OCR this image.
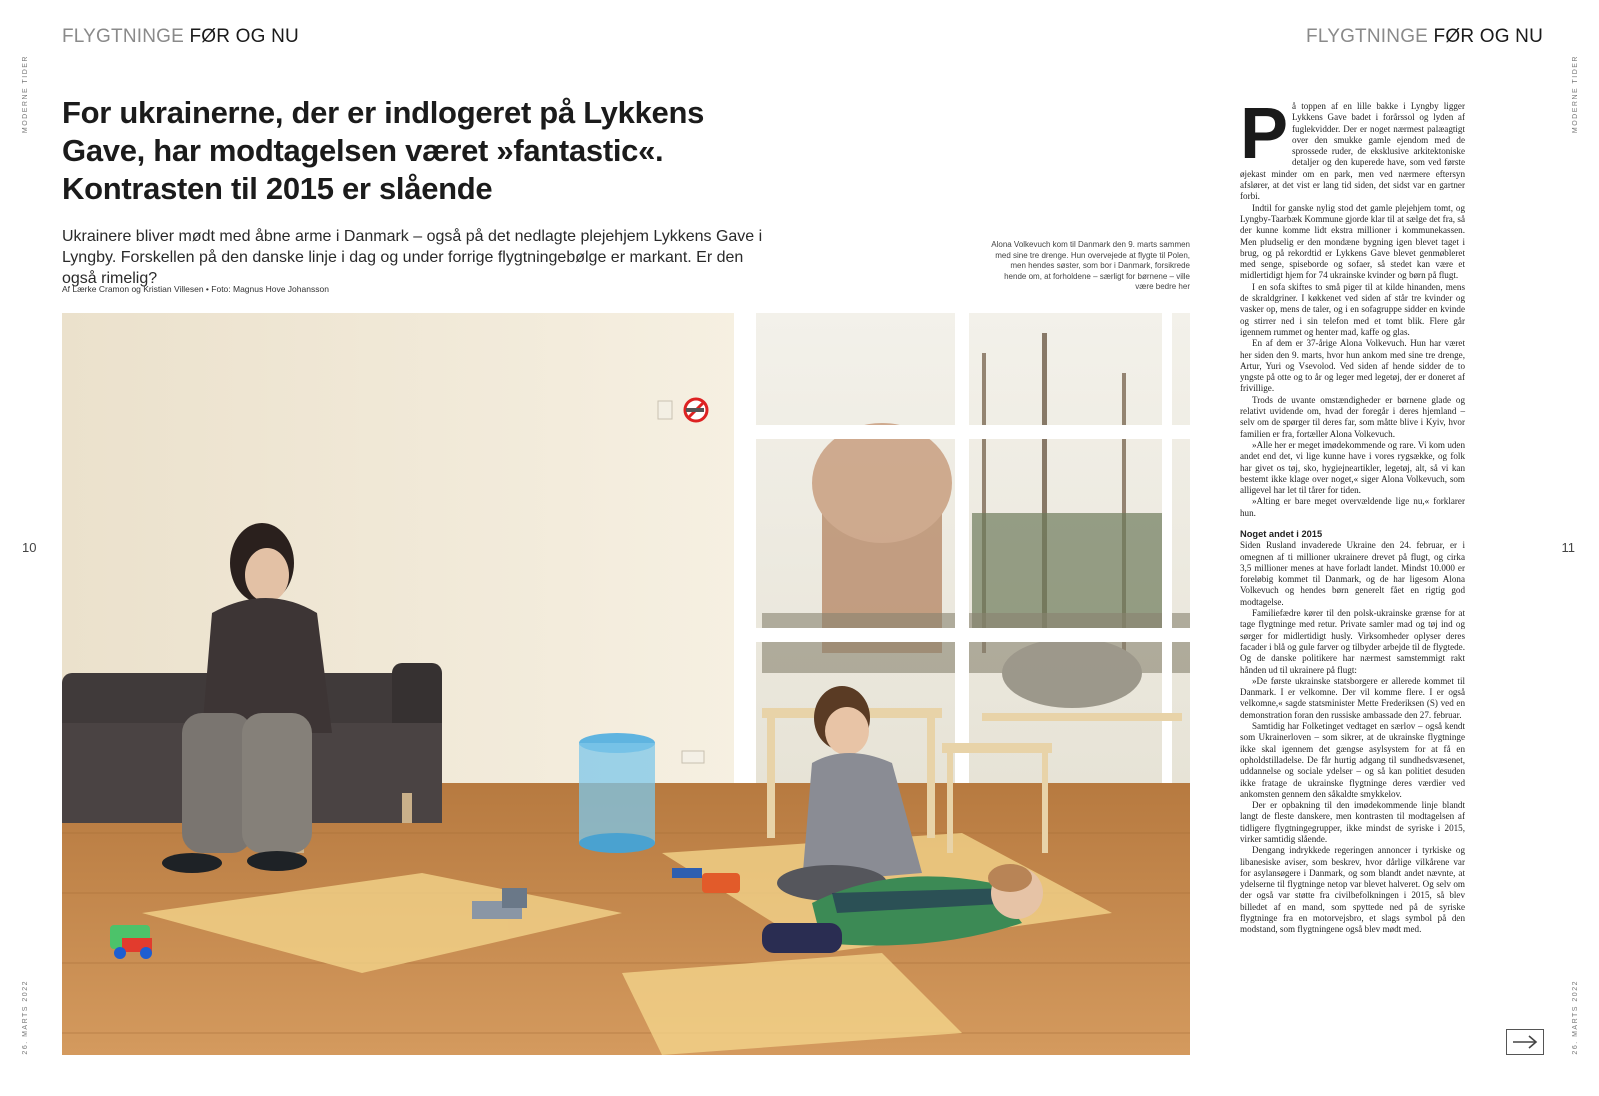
FLYGTNINGE FØR OG NU	FLYGTNINGE FØR OG NU
MODERNE TIDER	MODERNE TIDER
26. MARTS 2022	26. MARTS 2022
10	11
For ukrainerne, der er indlogeret på Lykkens Gave, har modtagelsen været »fantastic«. Kontrasten til 2015 er slående
Ukrainere bliver mødt med åbne arme i Danmark – også på det nedlagte plejehjem Lykkens Gave i Lyngby. Forskellen på den danske linje i dag og under forrige flygtningebølge er markant. Er den også rimelig?
Af Lærke Cramon og Kristian Villesen • Foto: Magnus Hove Johansson
Alona Volkevuch kom til Danmark den 9. marts sammen med sine tre drenge. Hun overvejede at flygte til Polen, men hendes søster, som bor i Danmark, forsikrede hende om, at forholdene – særligt for børnene – ville være bedre her

På toppen af en lille bakke i Lyngby ligger Lykkens Gave badet i forårssol og lyden af fuglekvidder. Der er noget nærmest palæagtigt over den smukke gamle ejendom med de sprossede ruder, de eksklusive arkitektoniske detaljer og den kuperede have, som ved første øjekast minder om en park, men ved nærmere eftersyn afslører, at det vist er lang tid siden, det sidst var en gartner forbi.

Indtil for ganske nylig stod det gamle plejehjem tomt, og Lyngby-Taarbæk Kommune gjorde klar til at sælge det fra, så der kunne komme lidt ekstra millioner i kommunekassen. Men pludselig er den mondæne bygning igen blevet taget i brug, og på rekordtid er Lykkens Gave blevet genmøbleret med senge, spiseborde og sofaer, så stedet kan være et midlertidigt hjem for 74 ukrainske kvinder og børn på flugt.

I en sofa skiftes to små piger til at kilde hinanden, mens de skraldgriner. I køkkenet ved siden af står tre kvinder og vasker op, mens de taler, og i en sofagruppe sidder en kvinde og stirrer ned i sin telefon med et tomt blik. Flere går igennem rummet og henter mad, kaffe og glas.

En af dem er 37-årige Alona Volkevuch. Hun har været her siden den 9. marts, hvor hun ankom med sine tre drenge, Artur, Yuri og Vsevolod. Ved siden af hende sidder de to yngste på otte og to år og leger med legetøj, der er doneret af frivillige.

Trods de uvante omstændigheder er børnene glade og relativt uvidende om, hvad der foregår i deres hjemland – selv om de spørger til deres far, som måtte blive i Kyiv, hvor familien er fra, fortæller Alona Volkevuch.

»Alle her er meget imødekommende og rare. Vi kom uden andet end det, vi lige kunne have i vores rygsække, og folk har givet os tøj, sko, hygiejneartikler, legetøj, alt, så vi kan bestemt ikke klage over noget,« siger Alona Volkevuch, som alligevel har let til tårer for tiden.

»Alting er bare meget overvældende lige nu,« forklarer hun.

Noget andet i 2015

Siden Rusland invaderede Ukraine den 24. februar, er i omegnen af ti millioner ukrainere drevet på flugt, og cirka 3,5 millioner menes at have forladt landet. Mindst 10.000 er foreløbig kommet til Danmark, og de har ligesom Alona Volkevuch og hendes børn generelt fået en rigtig god modtagelse.

Familiefædre kører til den polsk-ukrainske grænse for at tage flygtninge med retur. Private samler mad og tøj ind og sørger for midlertidigt husly. Virksomheder oplyser deres facader i blå og gule farver og tilbyder arbejde til de flygtede. Og de danske politikere har nærmest samstemmigt rakt hånden ud til ukrainere på flugt:

»De første ukrainske statsborgere er allerede kommet til Danmark. I er velkomne. Der vil komme flere. I er også velkomne,« sagde statsminister Mette Frederiksen (S) ved en demonstration foran den russiske ambassade den 27. februar.

Samtidig har Folketinget vedtaget en særlov – også kendt som Ukrainerloven – som sikrer, at de ukrainske flygtninge ikke skal igennem det gængse asylsystem for at få en opholdstilladelse. De får hurtig adgang til sundhedsvæsenet, uddannelse og sociale ydelser – og så kan politiet desuden ikke fratage de ukrainske flygtninge deres værdier ved ankomsten gennem den såkaldte smykkelov.

Der er opbakning til den imødekommende linje blandt langt de fleste danskere, men kontrasten til modtagelsen af tidligere flygtningegrupper, ikke mindst de syriske i 2015, virker samtidig slående.

Dengang indrykkede regeringen annoncer i tyrkiske og libanesiske aviser, som beskrev, hvor dårlige vilkårene var for asylansøgere i Danmark, og som blandt andet nævnte, at ydelserne til flygtninge netop var blevet halveret. Og selv om der også var støtte fra civilbefolkningen i 2015, så blev billedet af en mand, som spyttede ned på de syriske flygtninge fra en motorvejsbro, et slags symbol på den modstand, som flygtningene også blev mødt med.
